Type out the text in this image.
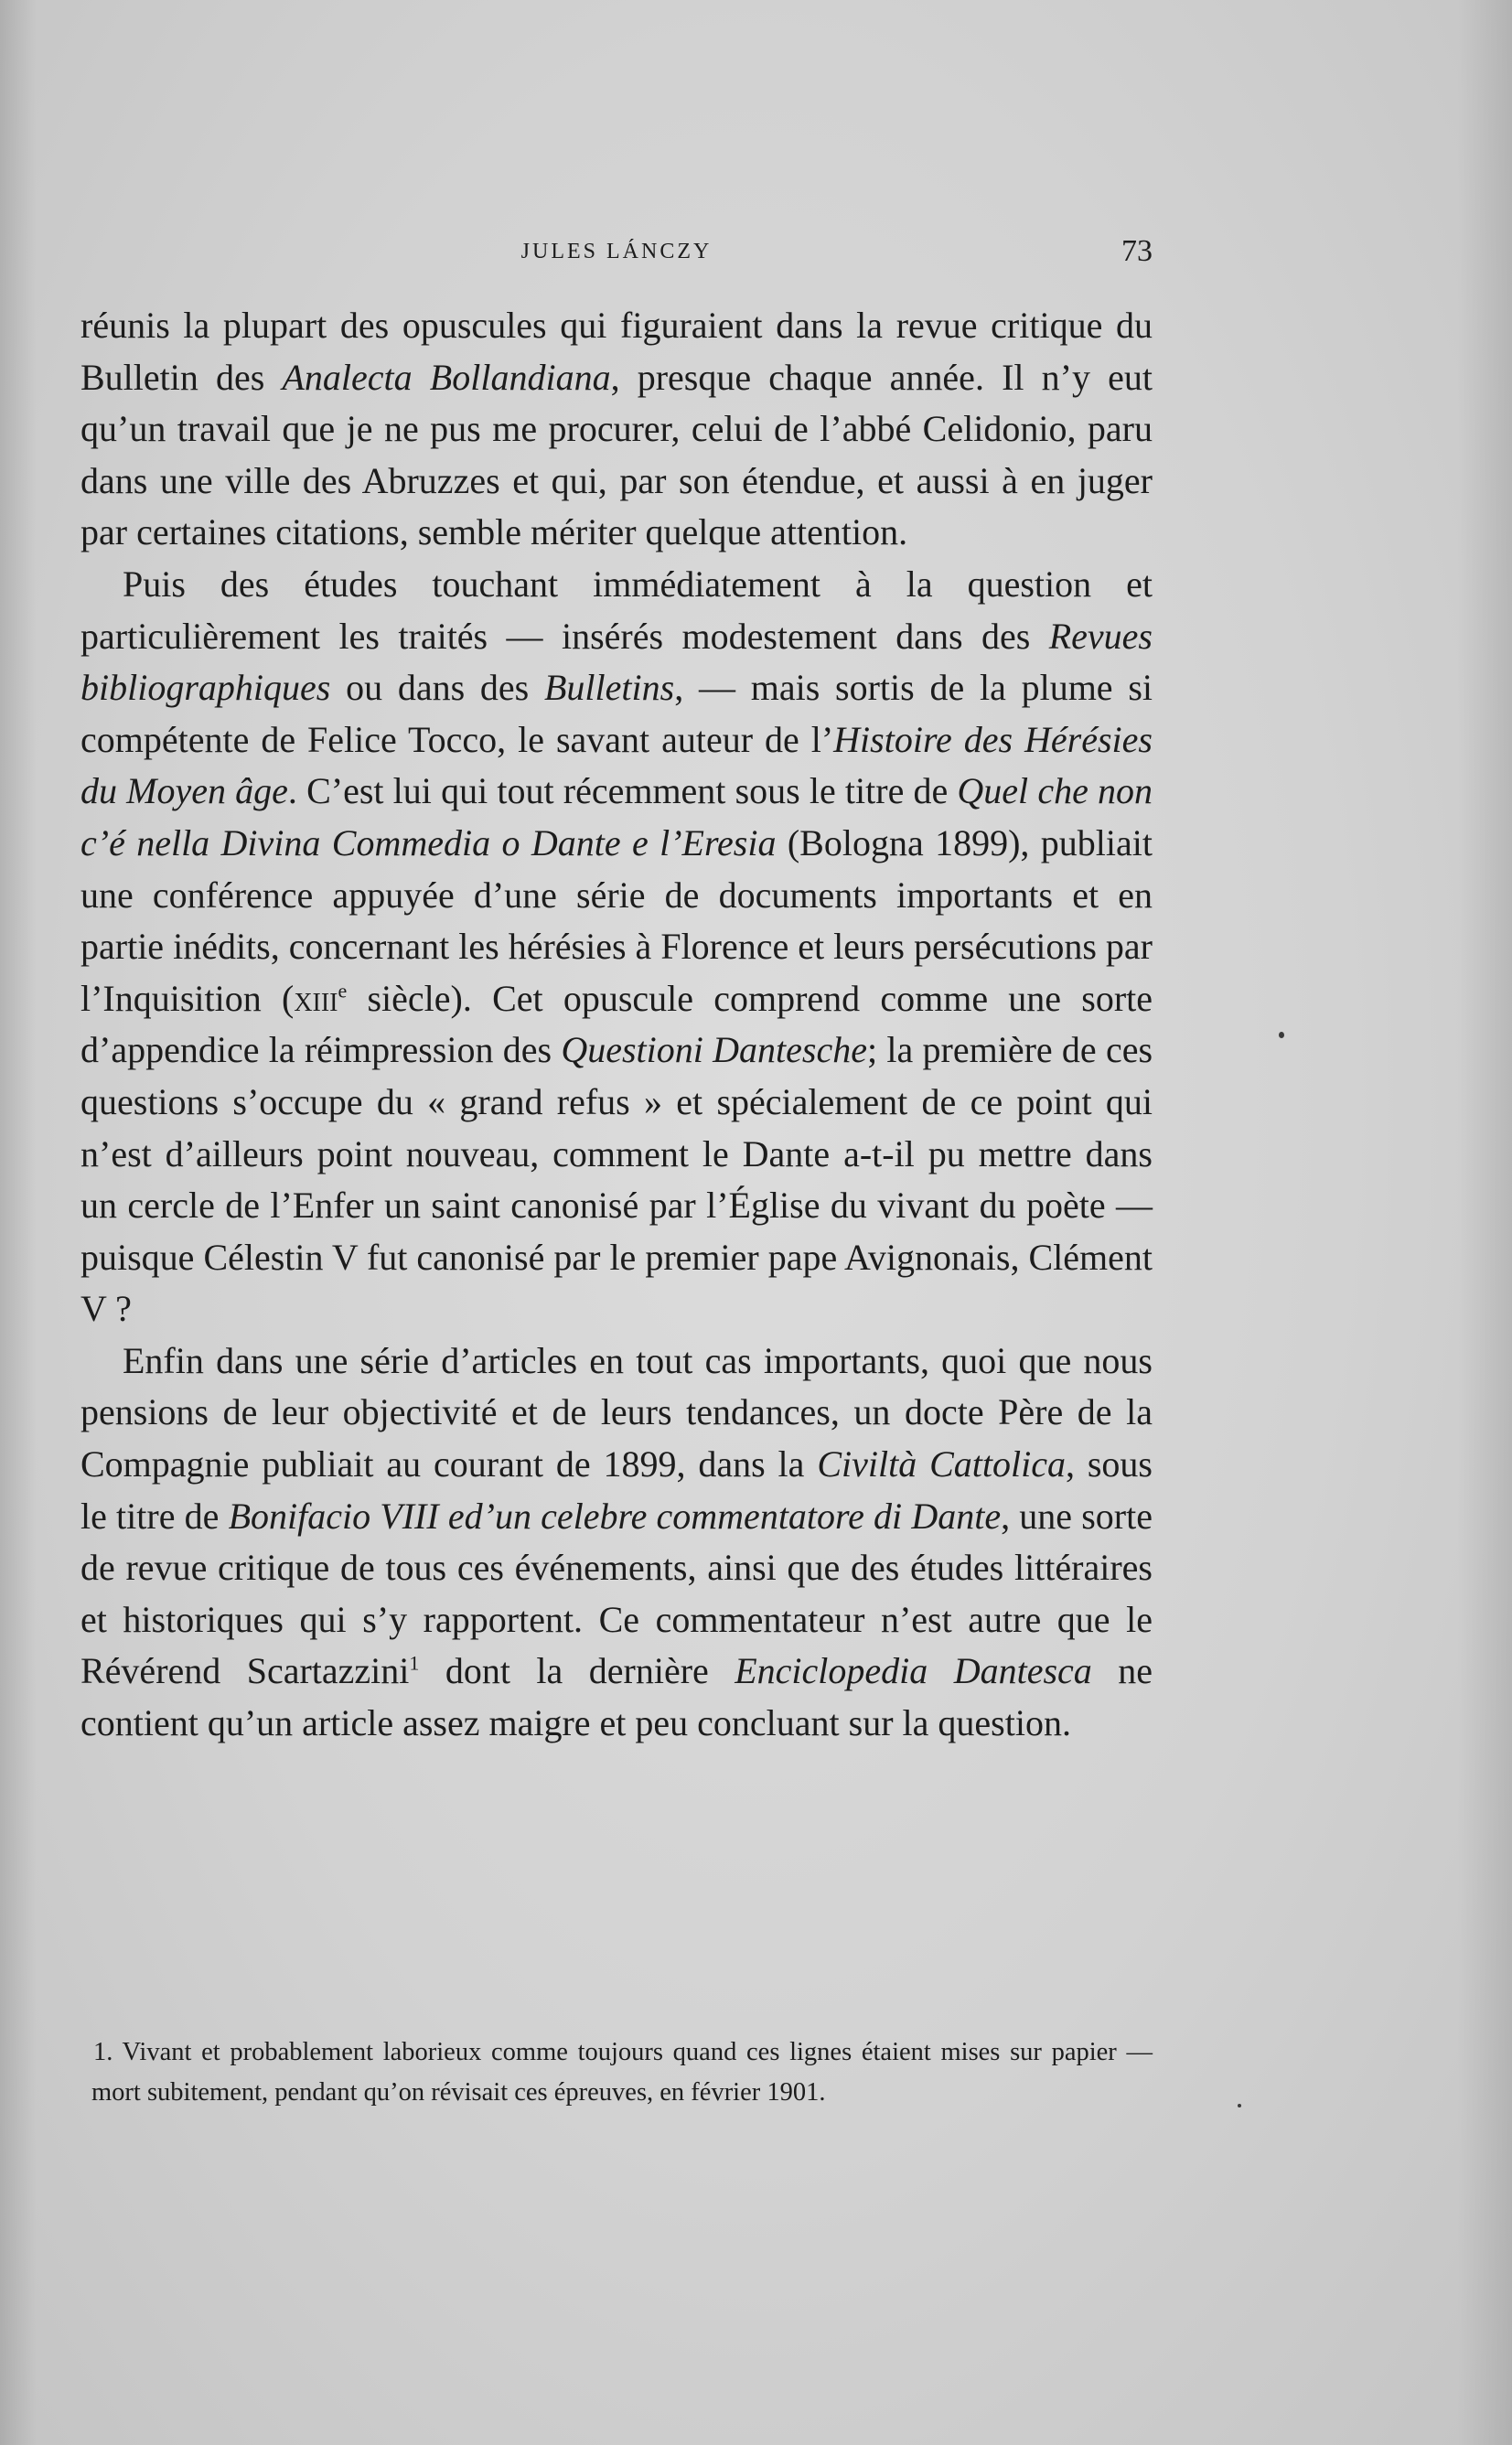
JULES LÁNCZY	73

réunis la plupart des opuscules qui figuraient dans la revue critique du Bulletin des Analecta Bollandiana, presque chaque année. Il n’y eut qu’un travail que je ne pus me procurer, celui de l’abbé Celidonio, paru dans une ville des Abruzzes et qui, par son étendue, et aussi à en juger par certaines citations, semble mériter quelque attention.

Puis des études touchant immédiatement à la question et particulièrement les traités — insérés modestement dans des Revues bibliographiques ou dans des Bulletins, — mais sortis de la plume si compétente de Felice Tocco, le savant auteur de l’Histoire des Hérésies du Moyen âge. C’est lui qui tout récemment sous le titre de Quel che non c’é nella Divina Commedia o Dante e l’Eresia (Bologna 1899), publiait une conférence appuyée d’une série de documents importants et en partie inédits, concernant les hérésies à Florence et leurs persécutions par l’Inquisition (xiii$^e$ siècle). Cet opuscule comprend comme une sorte d’appendice la réimpression des Questioni Dantesche; la première de ces questions s’occupe du « grand refus » et spécialement de ce point qui n’est d’ailleurs point nouveau, comment le Dante a-t-il pu mettre dans un cercle de l’Enfer un saint canonisé par l’Église du vivant du poète — puisque Célestin V fut canonisé par le premier pape Avignonais, Clément V ?

Enfin dans une série d’articles en tout cas importants, quoi que nous pensions de leur objectivité et de leurs tendances, un docte Père de la Compagnie publiait au courant de 1899, dans la Civiltà Cattolica, sous le titre de Bonifacio VIII ed’un celebre commentatore di Dante, une sorte de revue critique de tous ces événements, ainsi que des études littéraires et historiques qui s’y rapportent. Ce commentateur n’est autre que le Révérend Scartazzini$^1$ dont la dernière Enciclopedia Dantesca ne contient qu’un article assez maigre et peu concluant sur la question.

1. Vivant et probablement laborieux comme toujours quand ces lignes étaient mises sur papier — mort subitement, pendant qu’on révisait ces épreuves, en février 1901.
